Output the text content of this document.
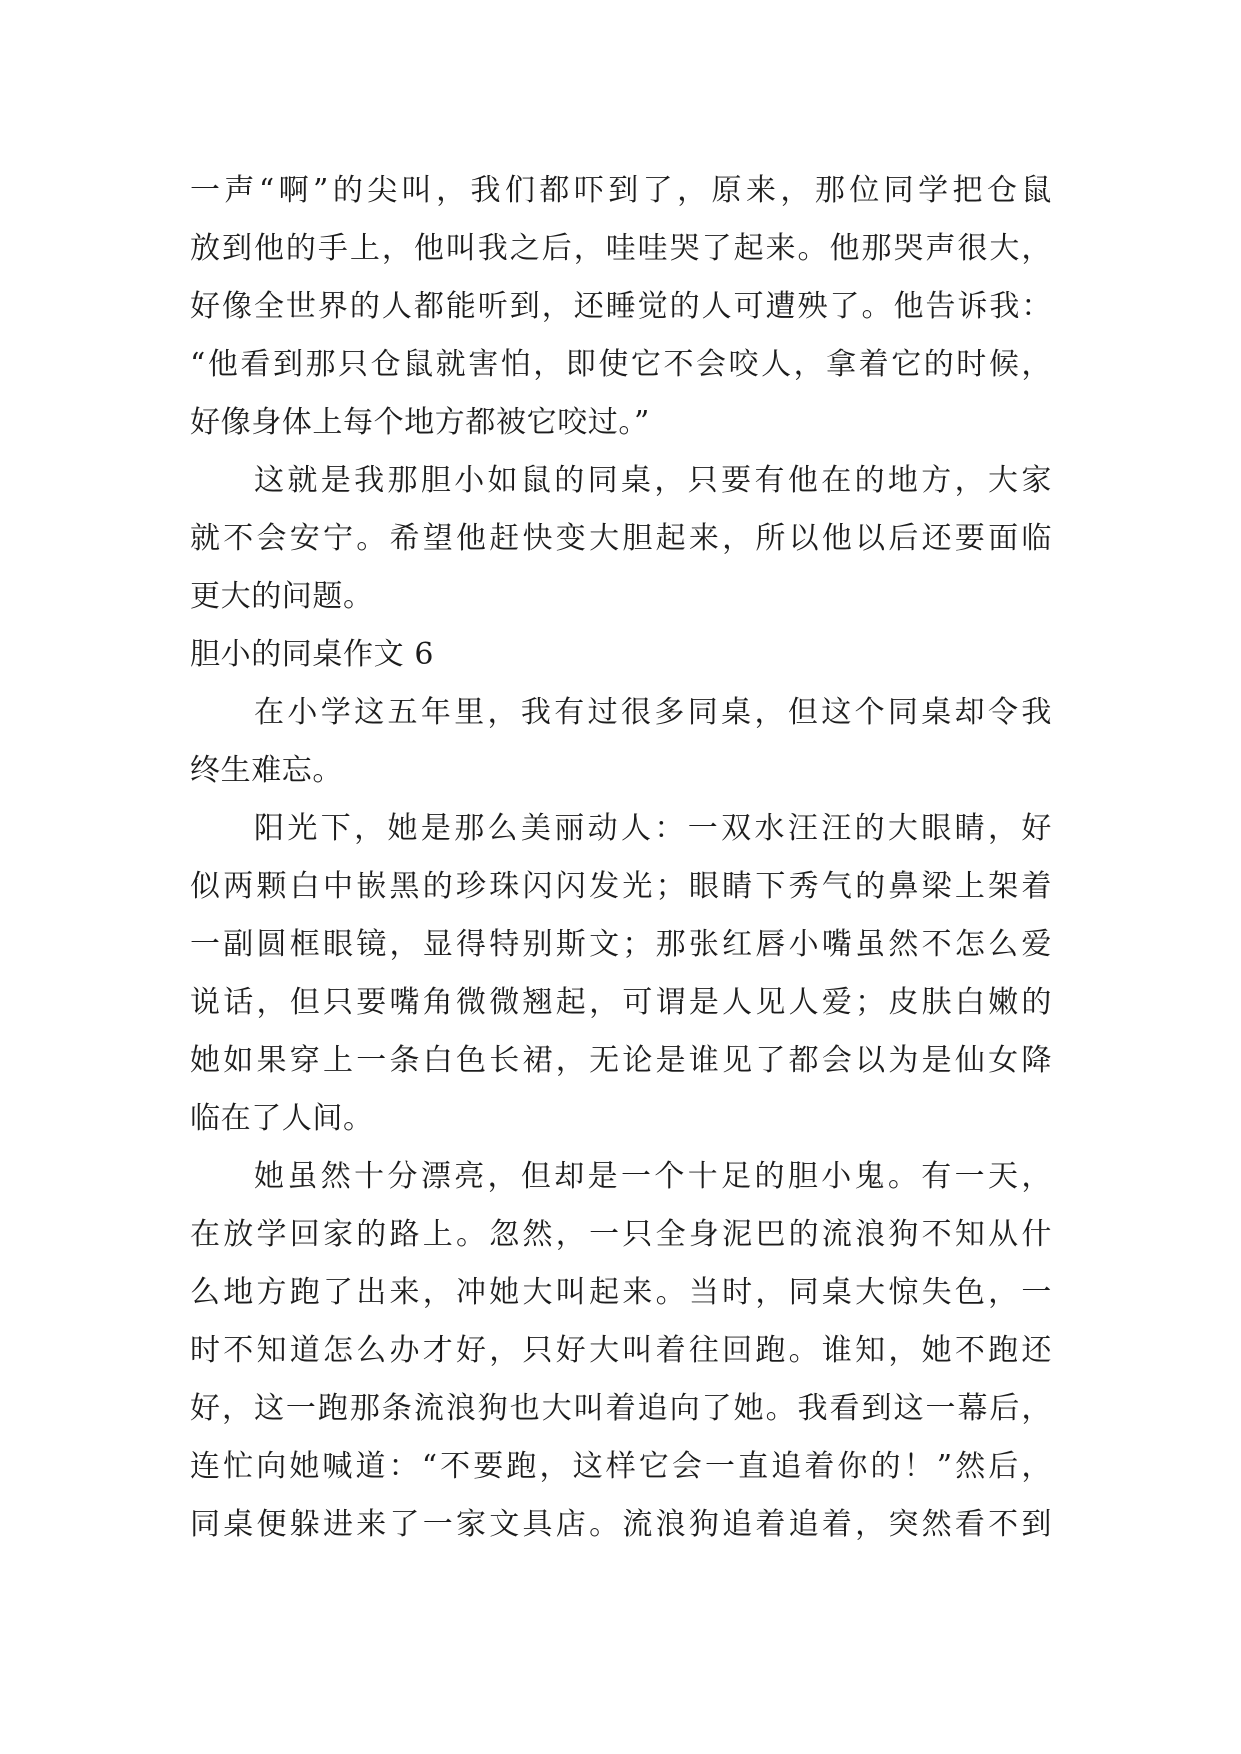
一声“啊”的尖叫，我们都吓到了，原来，那位同学把仓鼠
放到他的手上，他叫我之后，哇哇哭了起来。他那哭声很大，
好像全世界的人都能听到，还睡觉的人可遭殃了。他告诉我：
“他看到那只仓鼠就害怕，即使它不会咬人，拿着它的时候，
好像身体上每个地方都被它咬过。”
这就是我那胆小如鼠的同桌，只要有他在的地方，大家
就不会安宁。希望他赶快变大胆起来，所以他以后还要面临
更大的问题。
胆小的同桌作文 6
在小学这五年里，我有过很多同桌，但这个同桌却令我
终生难忘。
阳光下，她是那么美丽动人：一双水汪汪的大眼睛，好
似两颗白中嵌黑的珍珠闪闪发光；眼睛下秀气的鼻梁上架着
一副圆框眼镜，显得特别斯文；那张红唇小嘴虽然不怎么爱
说话，但只要嘴角微微翘起，可谓是人见人爱；皮肤白嫩的
她如果穿上一条白色长裙，无论是谁见了都会以为是仙女降
临在了人间。
她虽然十分漂亮，但却是一个十足的胆小鬼。有一天，
在放学回家的路上。忽然，一只全身泥巴的流浪狗不知从什
么地方跑了出来，冲她大叫起来。当时，同桌大惊失色，一
时不知道怎么办才好，只好大叫着往回跑。谁知，她不跑还
好，这一跑那条流浪狗也大叫着追向了她。我看到这一幕后，
连忙向她喊道：“不要跑，这样它会一直追着你的！”然后，
同桌便躲进来了一家文具店。流浪狗追着追着，突然看不到
